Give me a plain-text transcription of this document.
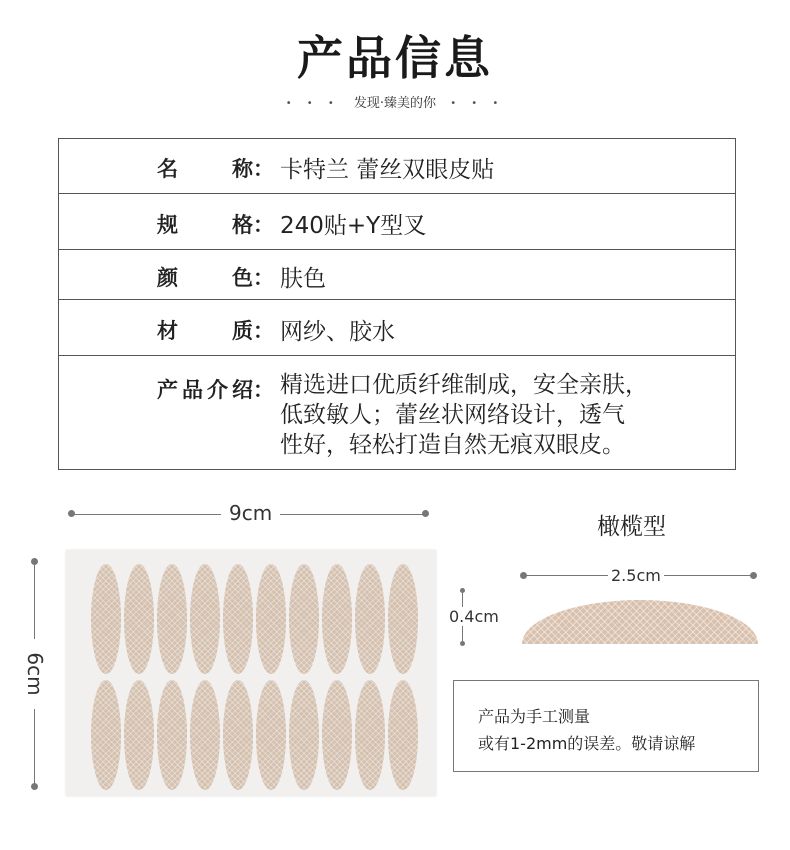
产品信息
• • • 发现·臻美的你 • • •
名 称： 卡特兰 蕾丝双眼皮贴
规 格： 240贴+Y型叉
颜 色： 肤色
材 质： 网纱、胶水
产品介绍： 精选进口优质纤维制成，安全亲肤，
低致敏人；蕾丝状网络设计，透气
性好，轻松打造自然无痕双眼皮。
9cm
6cm
橄榄型
2.5cm
0.4cm
产品为手工测量
或有1-2mm的误差。敬请谅解
